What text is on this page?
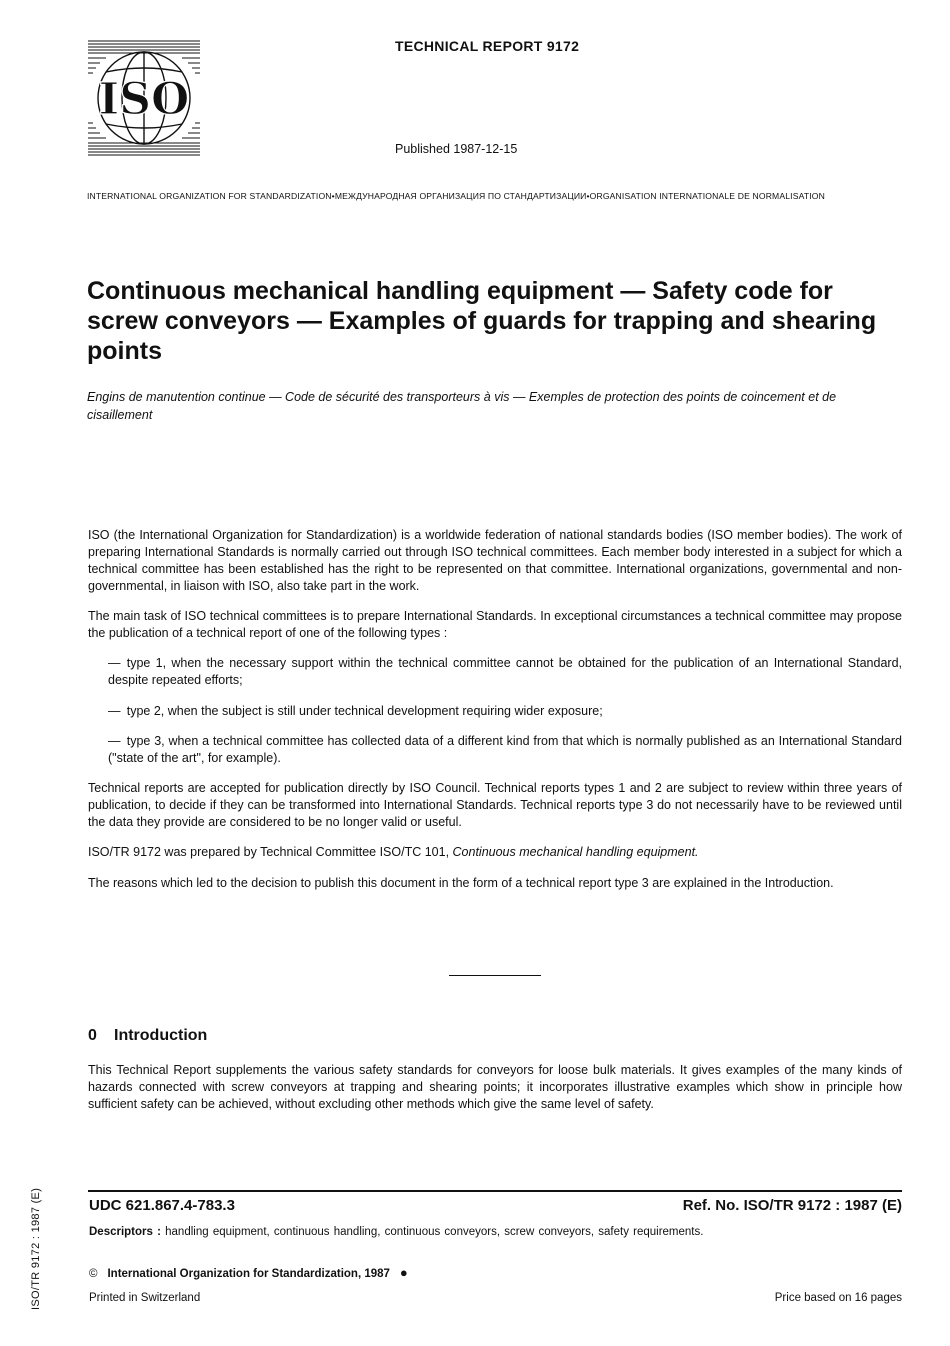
ISO
TECHNICAL REPORT 9172
Published 1987-12-15
INTERNATIONAL ORGANIZATION FOR STANDARDIZATION•МЕЖДУНАРОДНАЯ ОРГАНИЗАЦИЯ ПО СТАНДАРТИЗАЦИИ•ORGANISATION INTERNATIONALE DE NORMALISATION
Continuous mechanical handling equipment — Safety code for screw conveyors — Examples of guards for trapping and shearing points
Engins de manutention continue — Code de sécurité des transporteurs à vis — Exemples de protection des points de coincement et de cisaillement
ISO (the International Organization for Standardization) is a worldwide federation of national standards bodies (ISO member bodies). The work of preparing International Standards is normally carried out through ISO technical committees. Each member body interested in a subject for which a technical committee has been established has the right to be represented on that committee. International organizations, governmental and non-governmental, in liaison with ISO, also take part in the work.
The main task of ISO technical committees is to prepare International Standards. In exceptional circumstances a technical committee may propose the publication of a technical report of one of the following types :
— type 1, when the necessary support within the technical committee cannot be obtained for the publication of an International Standard, despite repeated efforts;
— type 2, when the subject is still under technical development requiring wider exposure;
— type 3, when a technical committee has collected data of a different kind from that which is normally published as an International Standard ("state of the art", for example).
Technical reports are accepted for publication directly by ISO Council. Technical reports types 1 and 2 are subject to review within three years of publication, to decide if they can be transformed into International Standards. Technical reports type 3 do not necessarily have to be reviewed until the data they provide are considered to be no longer valid or useful.
ISO/TR 9172 was prepared by Technical Committee ISO/TC 101, Continuous mechanical handling equipment.
The reasons which led to the decision to publish this document in the form of a technical report type 3 are explained in the Introduction.
0 Introduction
This Technical Report supplements the various safety standards for conveyors for loose bulk materials. It gives examples of the many kinds of hazards connected with screw conveyors at trapping and shearing points; it incorporates illustrative examples which show in principle how sufficient safety can be achieved, without excluding other methods which give the same level of safety.
ISO/TR 9172 : 1987 (E)	UDC 621.867.4-783.3	Ref. No. ISO/TR 9172 : 1987 (E)
Descriptors : handling equipment, continuous handling, continuous conveyors, screw conveyors, safety requirements.
© International Organization for Standardization, 1987 ●
Printed in Switzerland	Price based on 16 pages
